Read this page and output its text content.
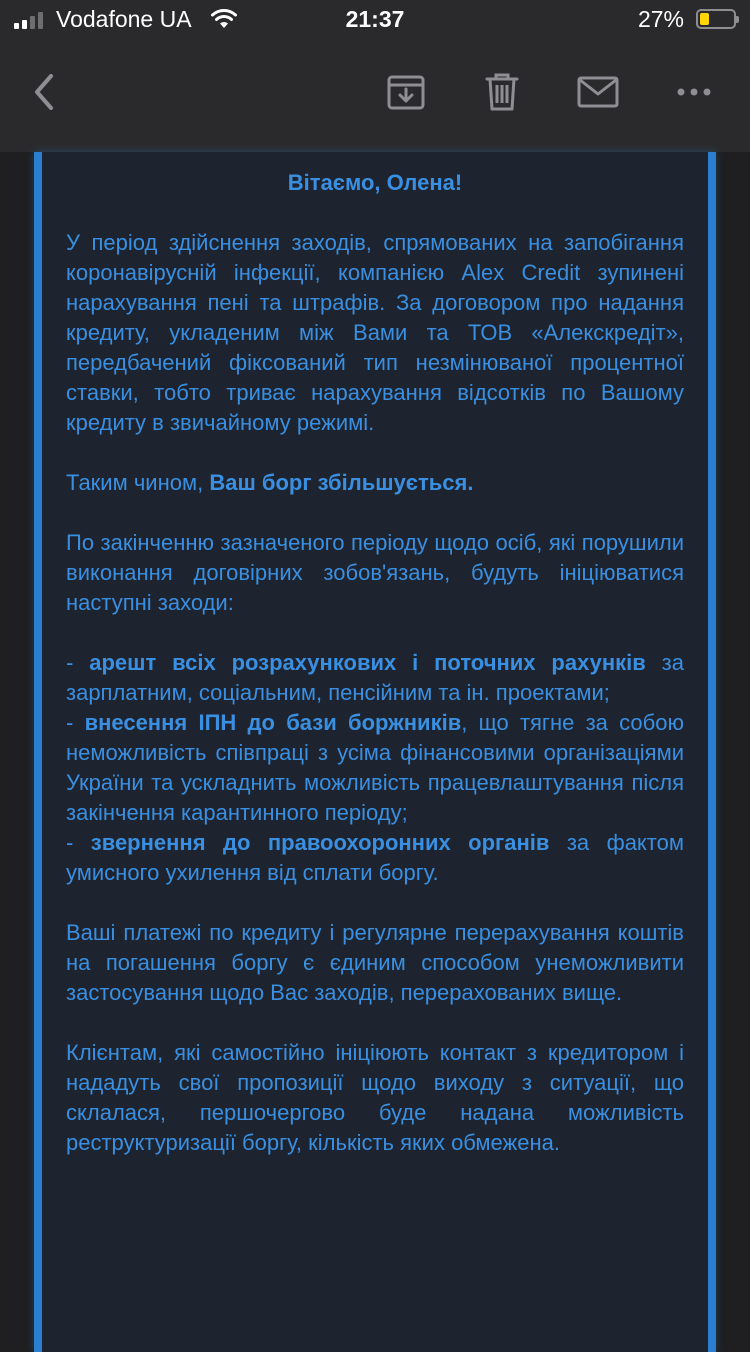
Vodafone UA	21:37	27%

Вітаємо, Олена!

У період здійснення заходів, спрямованих на запобігання коронавірусній інфекції, компанією Alex Credit зупинені нарахування пені та штрафів. За договором про надання кредиту, укладеним між Вами та ТОВ «Алекскредіт», передбачений фіксований тип незмінюваної процентної ставки, тобто триває нарахування відсотків по Вашому кредиту в звичайному режимі.

Таким чином, Ваш борг збільшується.

По закінченню зазначеного періоду щодо осіб, які порушили виконання договірних зобов'язань, будуть ініціюватися наступні заходи:

- арешт всіх розрахункових і поточних рахунків за зарплатним, соціальним, пенсійним та ін. проектами;
- внесення ІПН до бази боржників, що тягне за собою неможливість співпраці з усіма фінансовими організаціями України та ускладнить можливість працевлаштування після закінчення карантинного періоду;
- звернення до правоохоронних органів за фактом умисного ухилення від сплати боргу.

Ваші платежі по кредиту і регулярне перерахування коштів на погашення боргу є єдиним способом унеможливити застосування щодо Вас заходів, перерахованих вище.

Клієнтам, які самостійно ініціюють контакт з кредитором і нададуть свої пропозиції щодо виходу з ситуації, що склалася, першочергово буде надана можливість реструктуризації боргу, кількість яких обмежена.
